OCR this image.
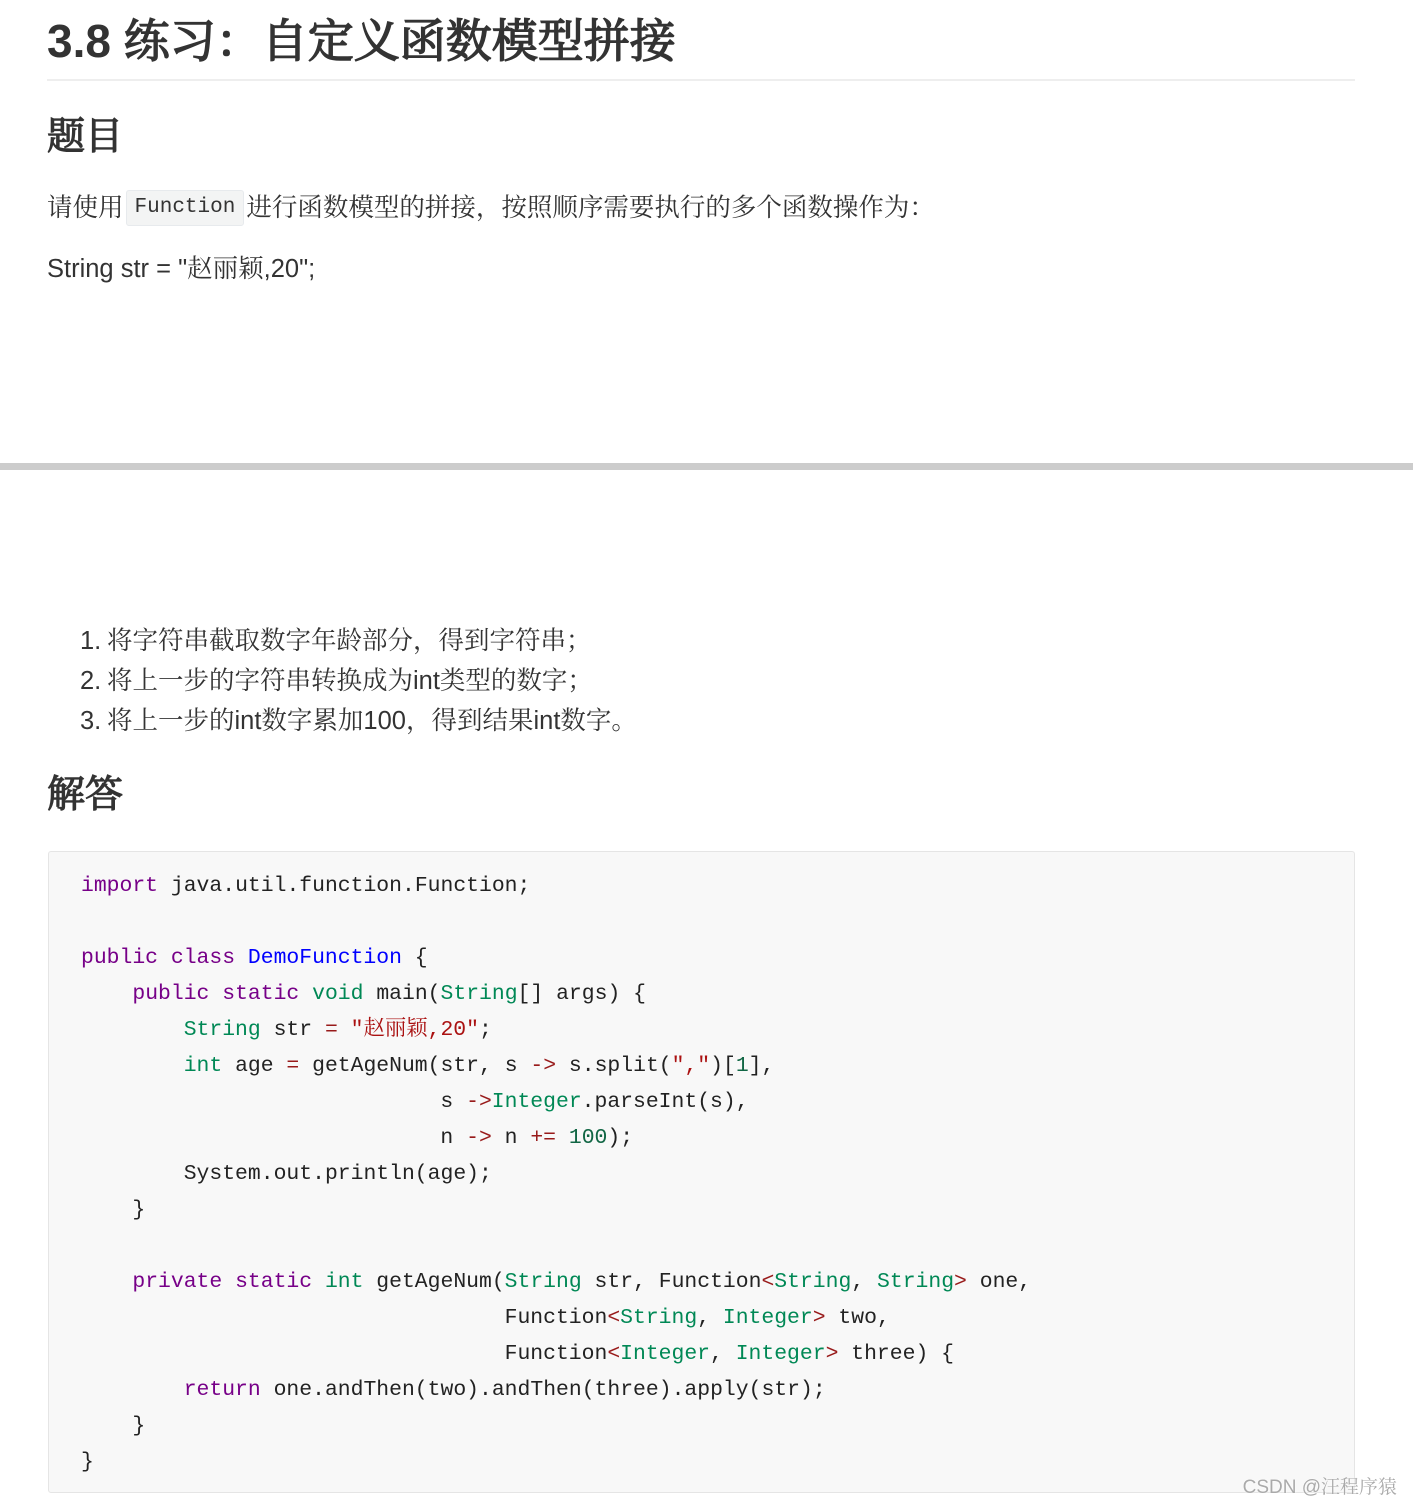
3.8 练习：自定义函数模型拼接
题目
请使用 Function 进行函数模型的拼接，按照顺序需要执行的多个函数操作为：
String str = "赵丽颖,20";
1. 将字符串截取数字年龄部分，得到字符串；
2. 将上一步的字符串转换成为int类型的数字；
3. 将上一步的int数字累加100，得到结果int数字。
解答
import java.util.function.Function;
public class DemoFunction {
public static void main(String[] args) {
String str = "赵丽颖,20";
int age = getAgeNum(str, s -> s.split(",")[1],
s ->Integer.parseInt(s),
n -> n += 100);
System.out.println(age);
}
private static int getAgeNum(String str, Function<String, String> one,
Function<String, Integer> two,
Function<Integer, Integer> three) {
return one.andThen(two).andThen(three).apply(str);
}
}
CSDN @汪程序猿
